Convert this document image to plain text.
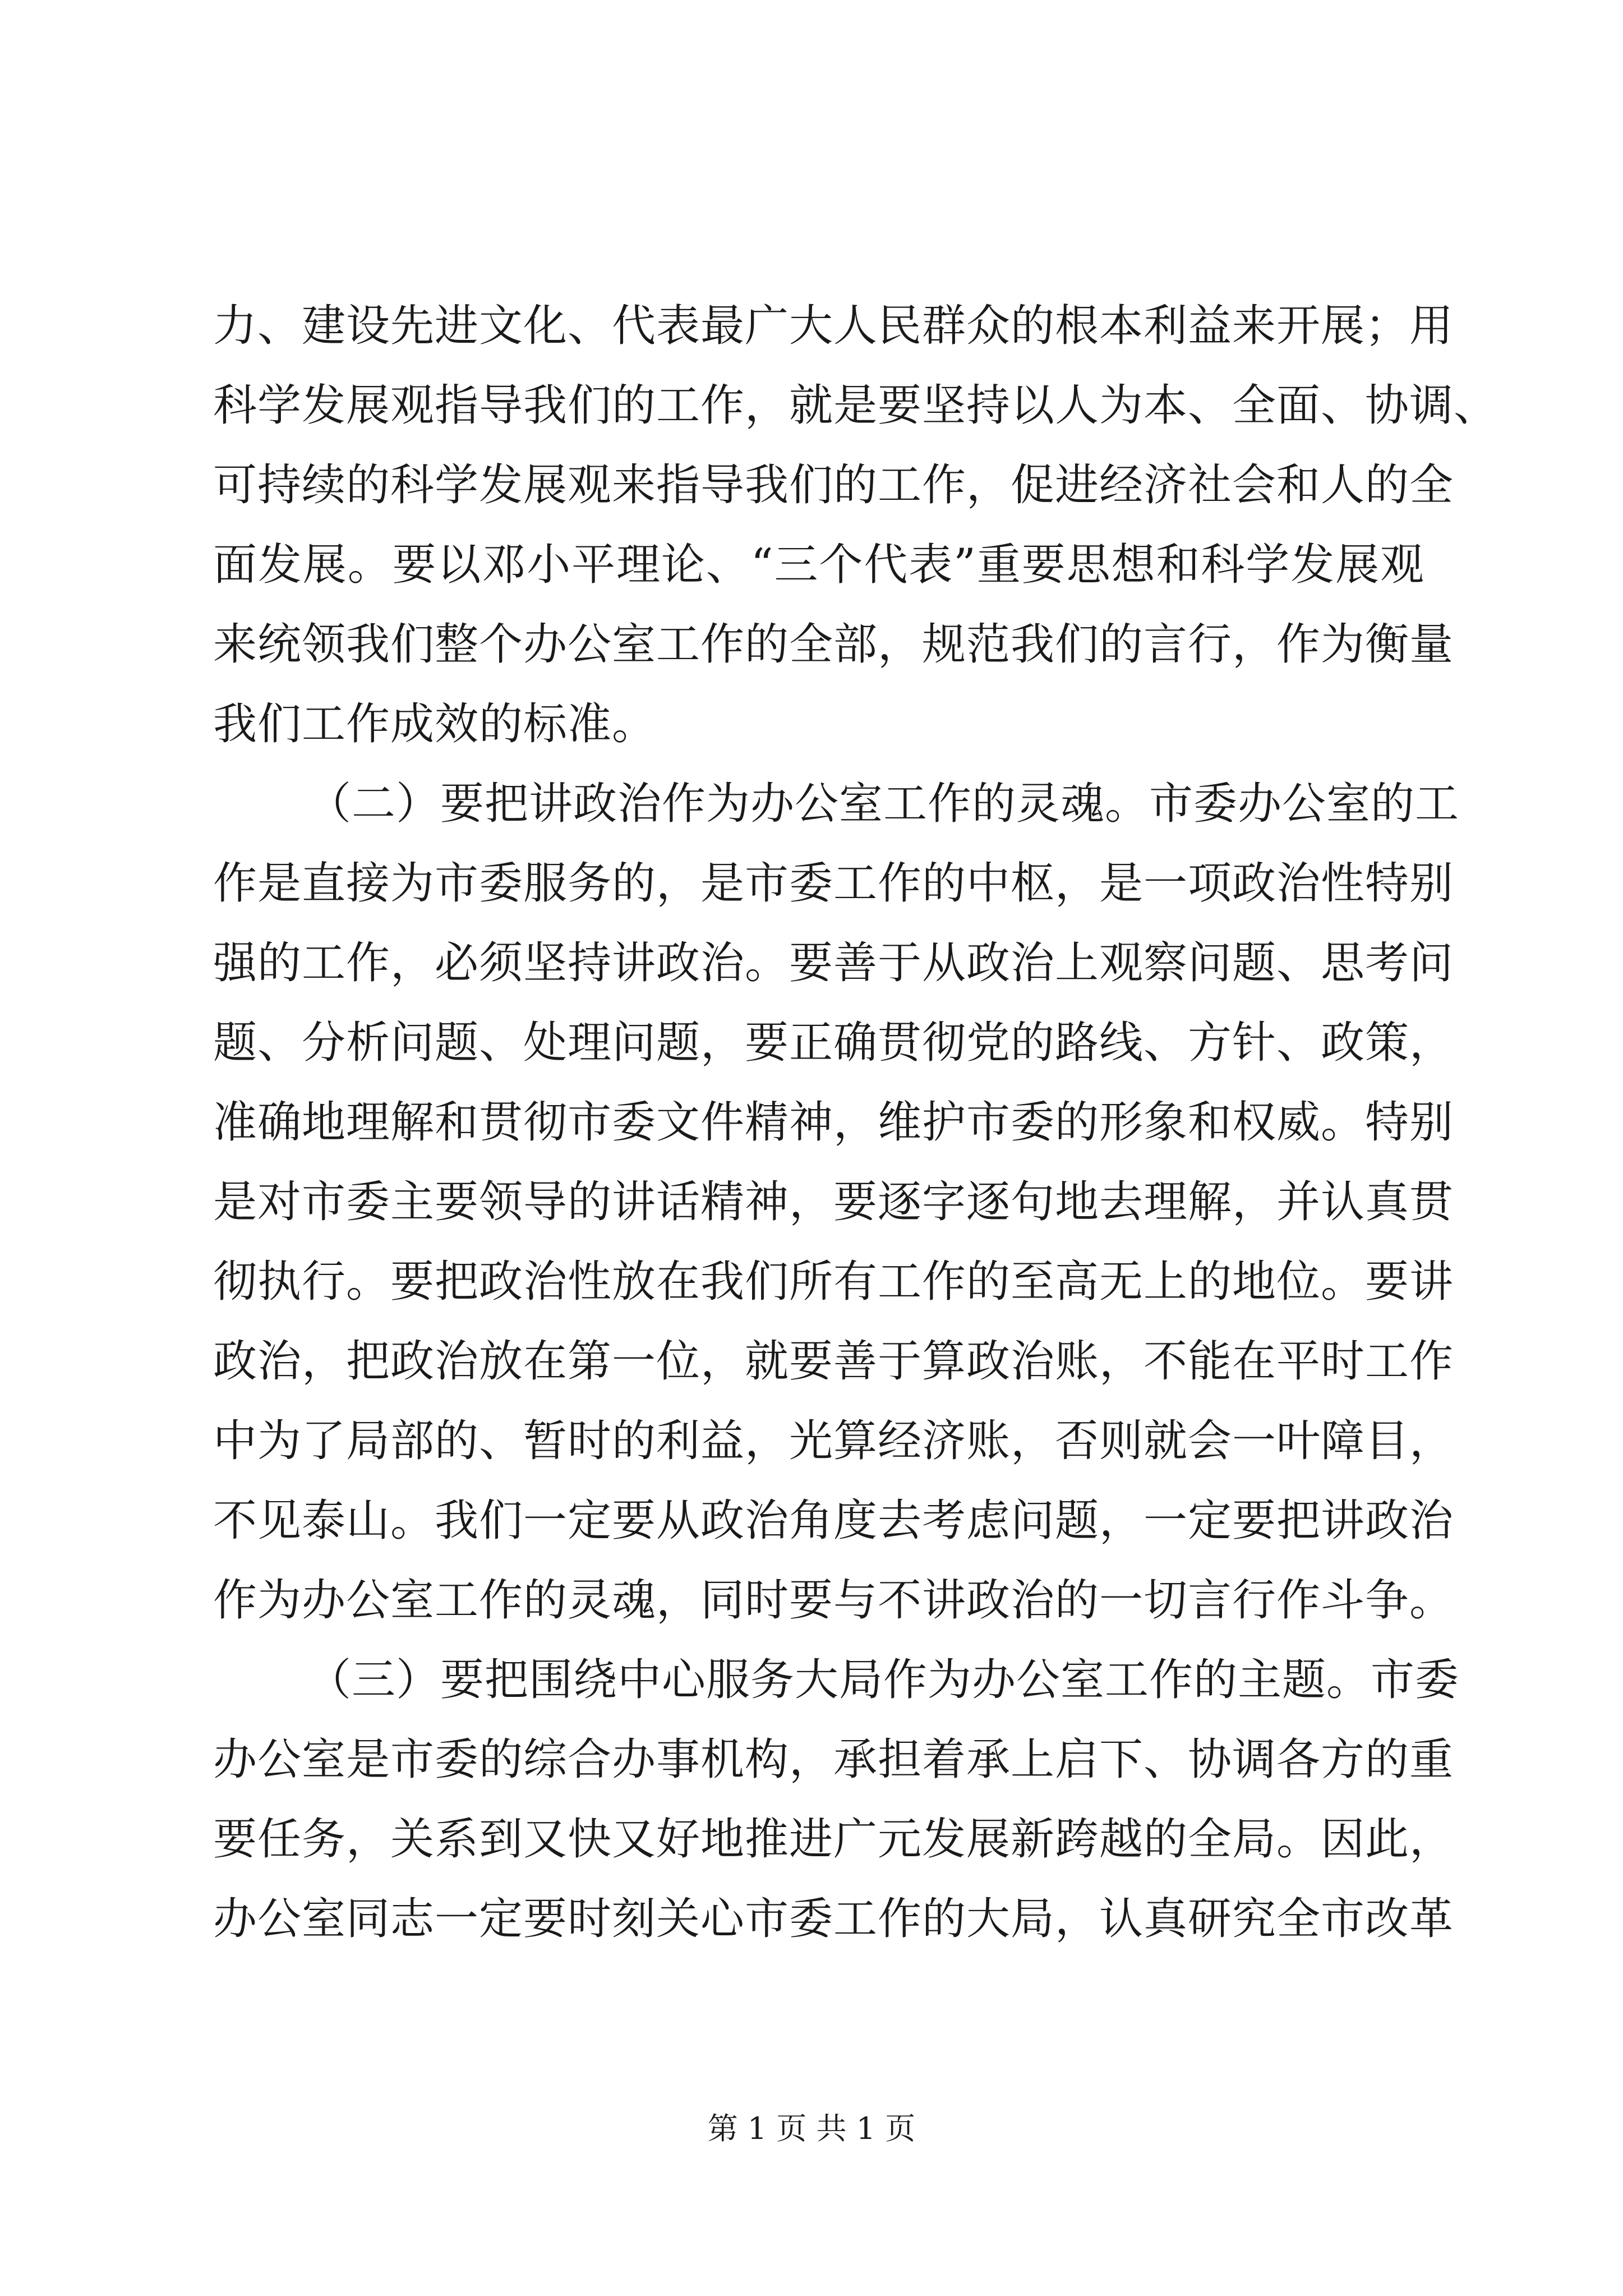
力、建设先进文化、代表最广大人民群众的根本利益来开展；用
科学发展观指导我们的工作，就是要坚持以人为本、全面、协调、
可持续的科学发展观来指导我们的工作，促进经济社会和人的全
面发展。要以邓小平理论、“三个代表”重要思想和科学发展观
来统领我们整个办公室工作的全部，规范我们的言行，作为衡量
我们工作成效的标准。
（二）要把讲政治作为办公室工作的灵魂。市委办公室的工
作是直接为市委服务的，是市委工作的中枢，是一项政治性特别
强的工作，必须坚持讲政治。要善于从政治上观察问题、思考问
题、分析问题、处理问题，要正确贯彻党的路线、方针、政策，
准确地理解和贯彻市委文件精神，维护市委的形象和权威。特别
是对市委主要领导的讲话精神，要逐字逐句地去理解，并认真贯
彻执行。要把政治性放在我们所有工作的至高无上的地位。要讲
政治，把政治放在第一位，就要善于算政治账，不能在平时工作
中为了局部的、暂时的利益，光算经济账，否则就会一叶障目，
不见泰山。我们一定要从政治角度去考虑问题，一定要把讲政治
作为办公室工作的灵魂，同时要与不讲政治的一切言行作斗争。
（三）要把围绕中心服务大局作为办公室工作的主题。市委
办公室是市委的综合办事机构，承担着承上启下、协调各方的重
要任务，关系到又快又好地推进广元发展新跨越的全局。因此，
办公室同志一定要时刻关心市委工作的大局，认真研究全市改革
第 1 页 共 1 页
